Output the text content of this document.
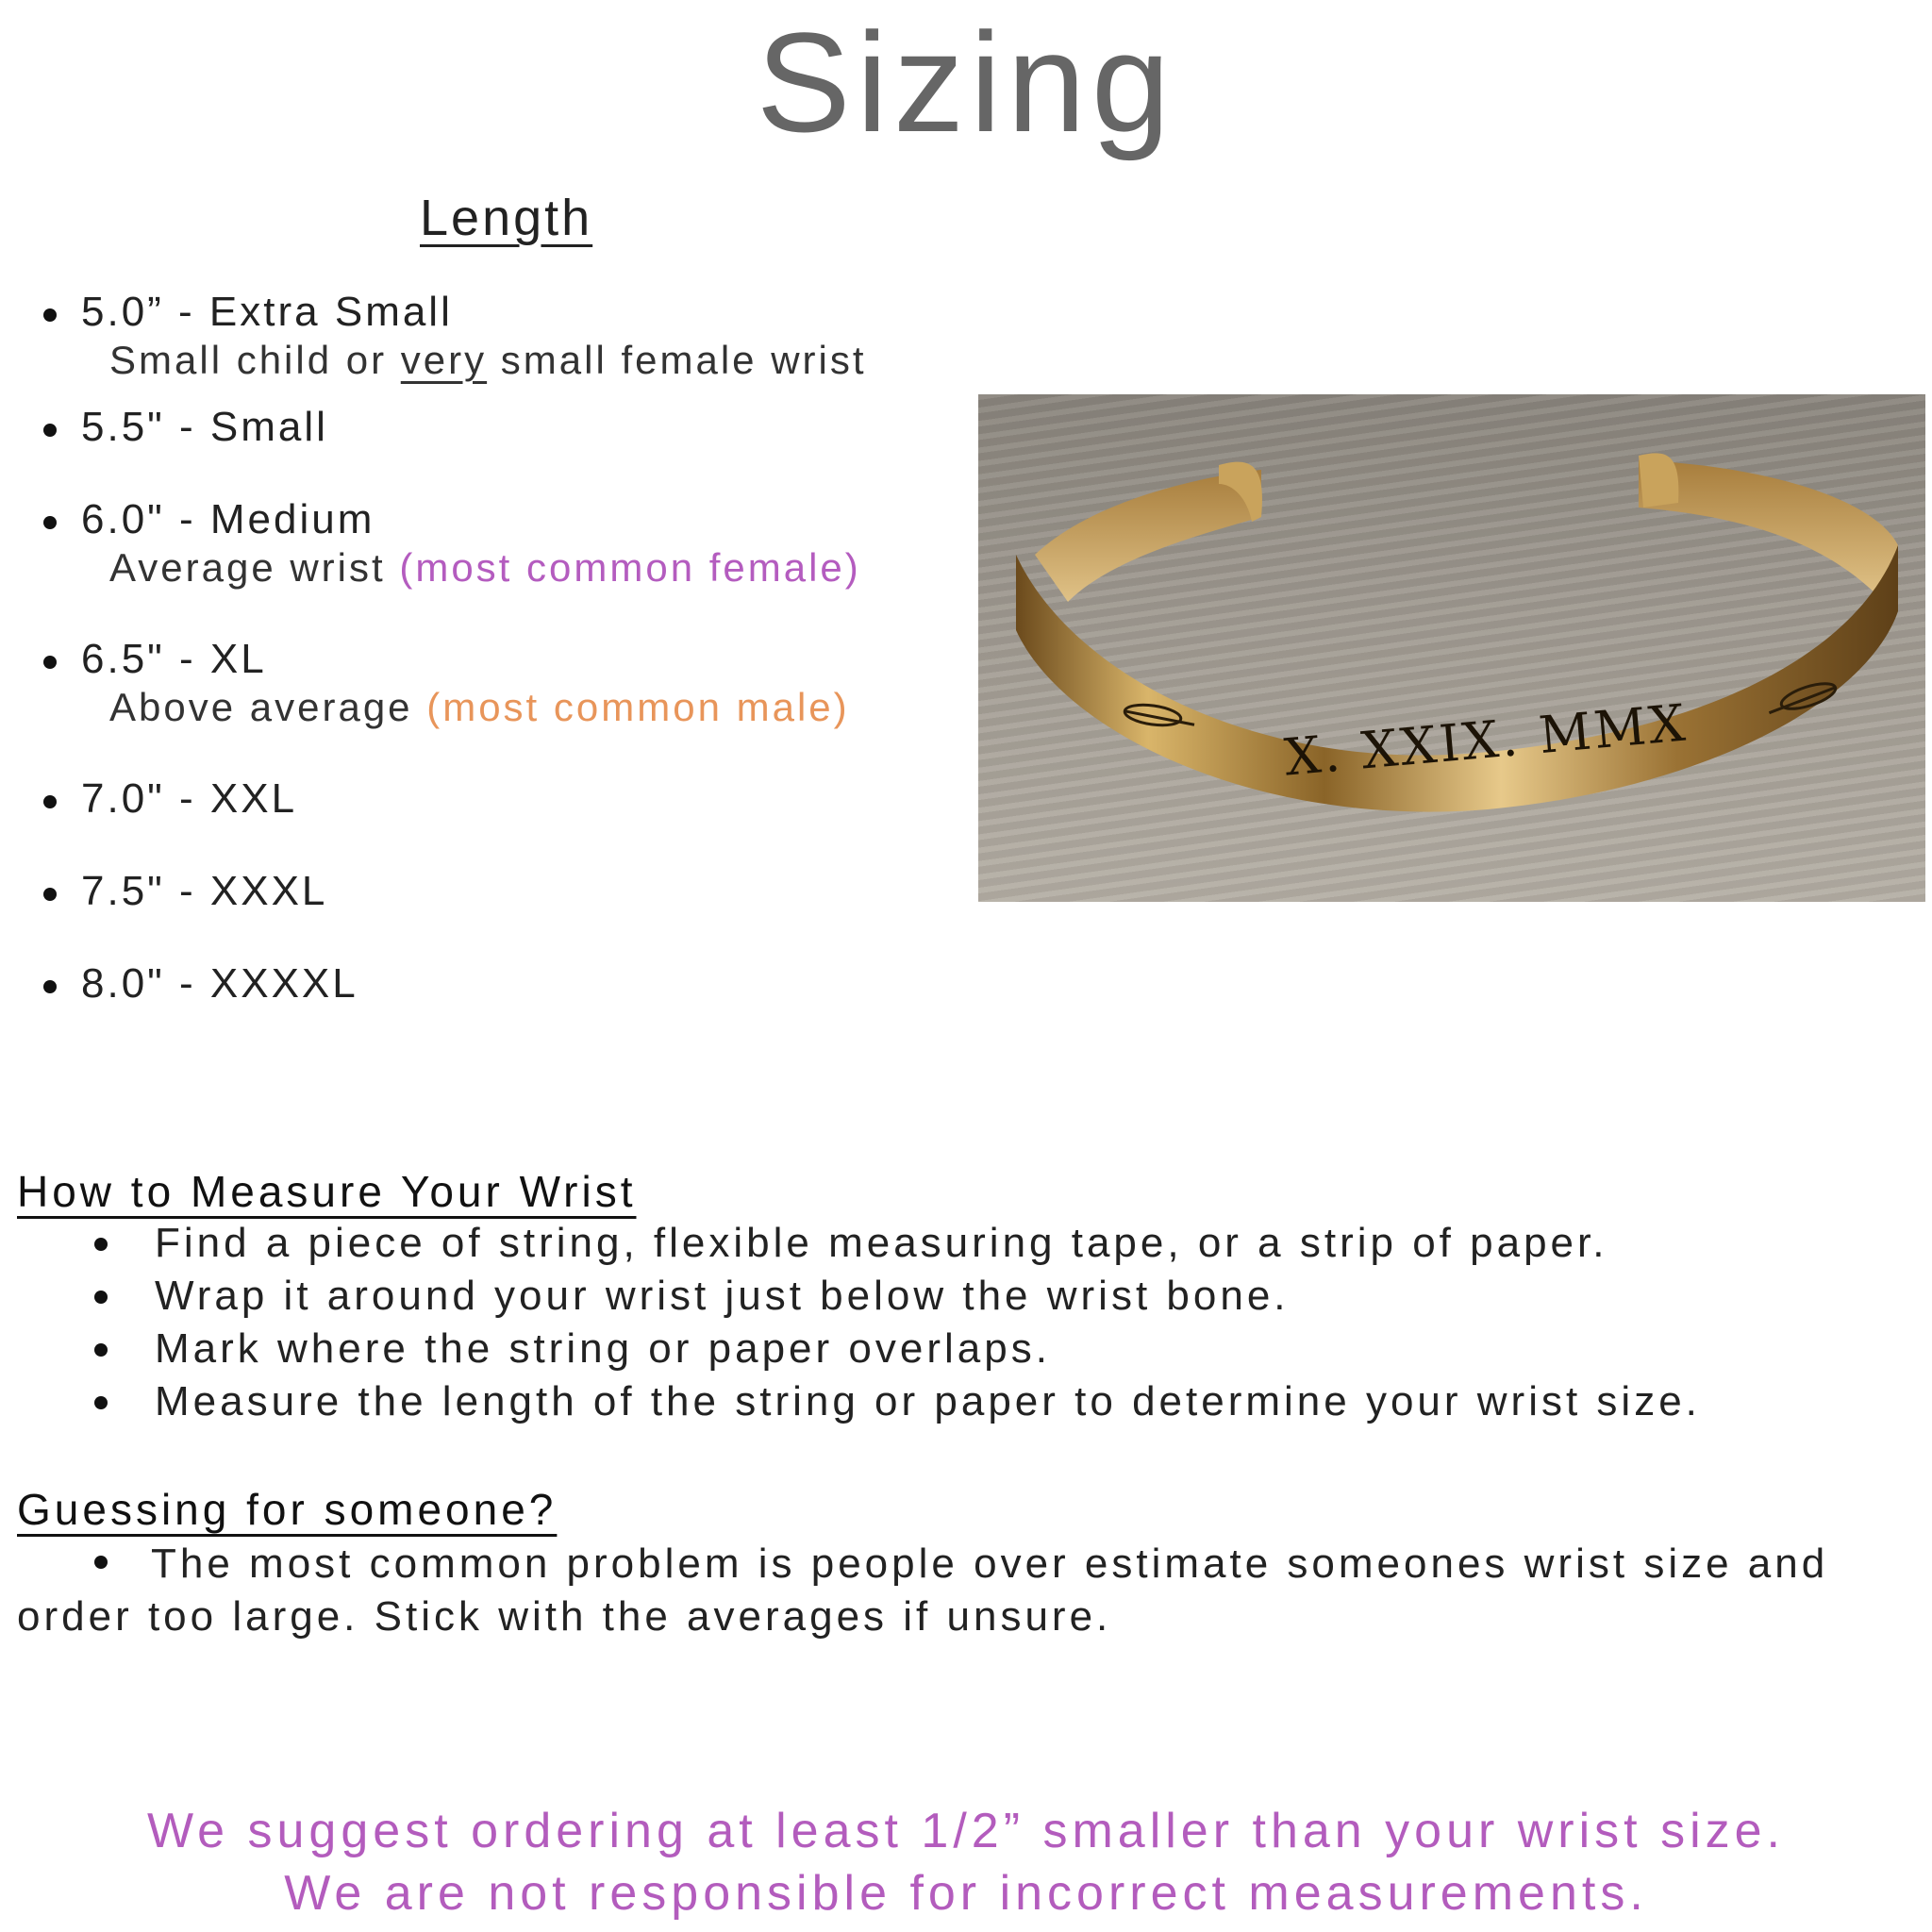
Sizing
Length
5.0” - Extra Small
Small child or very small female wrist
5.5" - Small
6.0" - Medium
Average wrist (most common female)
6.5" - XL
Above average (most common male)
7.0" - XXL
7.5" - XXXL
8.0" - XXXXL
X. XXIX. MMX
How to Measure Your Wrist
Find a piece of string, flexible measuring tape, or a strip of paper.
Wrap it around your wrist just below the wrist bone.
Mark where the string or paper overlaps.
Measure the length of the string or paper to determine your wrist size.
Guessing for someone?
The most common problem is people over estimate someones wrist size and order too large. Stick with the averages if unsure.
We suggest ordering at least 1/2” smaller than your wrist size.
We are not responsible for incorrect measurements.
